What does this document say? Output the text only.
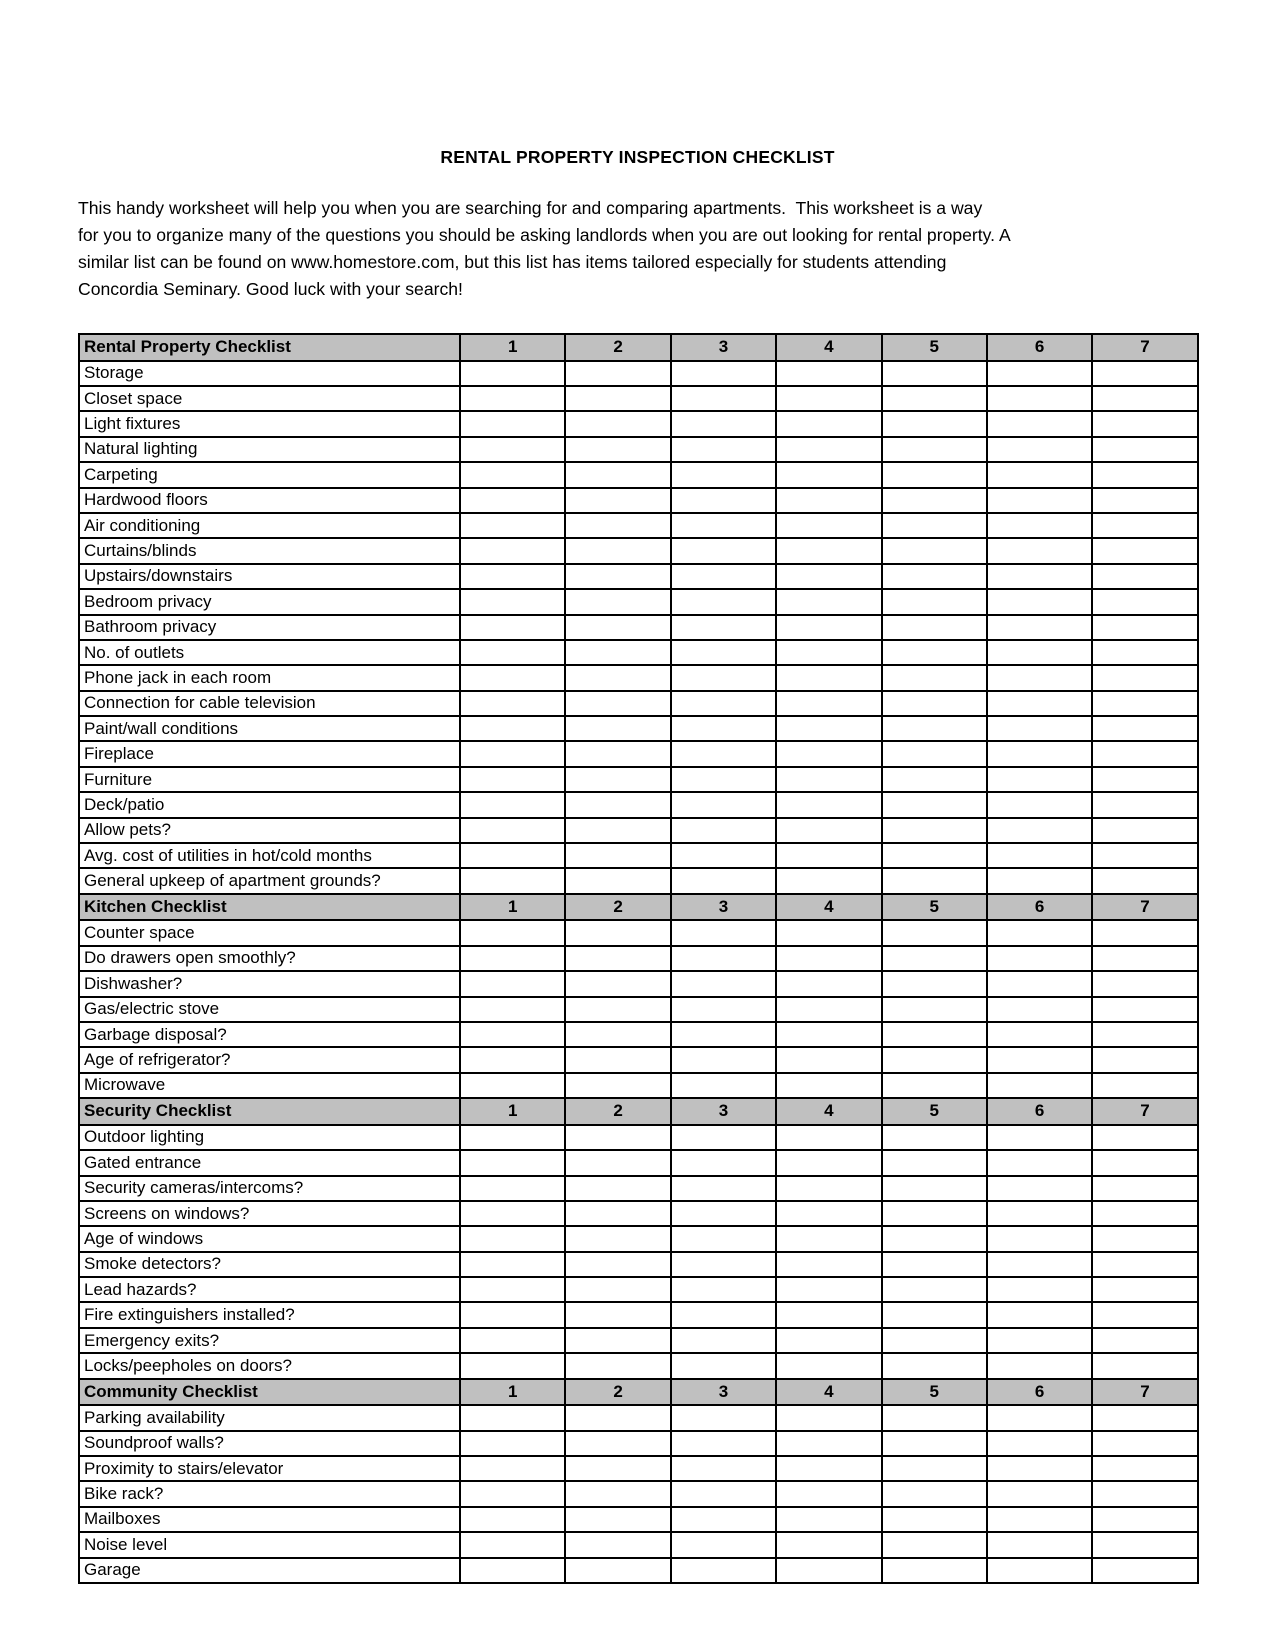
RENTAL PROPERTY INSPECTION CHECKLIST
This handy worksheet will help you when you are searching for and comparing apartments.  This worksheet is a way
for you to organize many of the questions you should be asking landlords when you are out looking for rental property. A
similar list can be found on www.homestore.com, but this list has items tailored especially for students attending
Concordia Seminary. Good luck with your search!
Rental Property Checklist	1	2	3	4	5	6	7
Storage							
Closet space							
Light fixtures							
Natural lighting							
Carpeting							
Hardwood floors							
Air conditioning							
Curtains/blinds							
Upstairs/downstairs							
Bedroom privacy							
Bathroom privacy							
No. of outlets							
Phone jack in each room							
Connection for cable television							
Paint/wall conditions							
Fireplace							
Furniture							
Deck/patio							
Allow pets?							
Avg. cost of utilities in hot/cold months							
General upkeep of apartment grounds?							
Kitchen Checklist	1	2	3	4	5	6	7
Counter space							
Do drawers open smoothly?							
Dishwasher?							
Gas/electric stove							
Garbage disposal?							
Age of refrigerator?							
Microwave							
Security Checklist	1	2	3	4	5	6	7
Outdoor lighting							
Gated entrance							
Security cameras/intercoms?							
Screens on windows?							
Age of windows							
Smoke detectors?							
Lead hazards?							
Fire extinguishers installed?							
Emergency exits?							
Locks/peepholes on doors?							
Community Checklist	1	2	3	4	5	6	7
Parking availability							
Soundproof walls?							
Proximity to stairs/elevator							
Bike rack?							
Mailboxes							
Noise level							
Garage							
